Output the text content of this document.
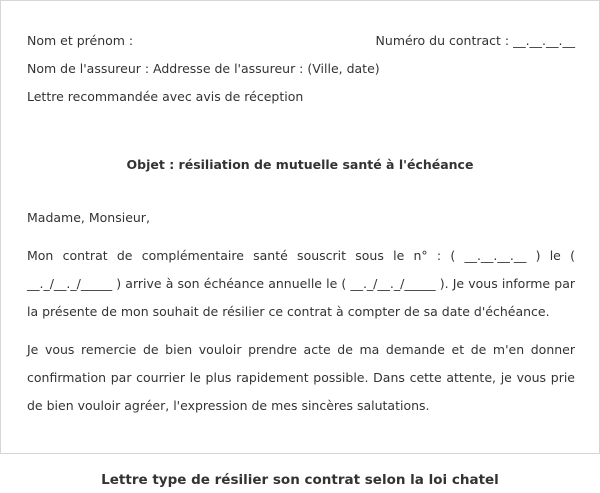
Nom et prénom :	Numéro du contract : __.__.__.__
Nom de l'assureur : Addresse de l'assureur : (Ville, date)
Lettre recommandée avec avis de réception
Objet : résiliation de mutuelle santé à l'échéance
Madame, Monsieur,
Mon contrat de complémentaire santé souscrit sous le n° : ( __.__.__.__ ) le ( __._/__._/_____ ) arrive à son échéance annuelle le ( __._/__._/_____ ). Je vous informe par la présente de mon souhait de résilier ce contrat à compter de sa date d'échéance.
Je vous remercie de bien vouloir prendre acte de ma demande et de m'en donner confirmation par courrier le plus rapidement possible. Dans cette attente, je vous prie de bien vouloir agréer, l'expression de mes sincères salutations.
Lettre type de résilier son contrat selon la loi chatel
